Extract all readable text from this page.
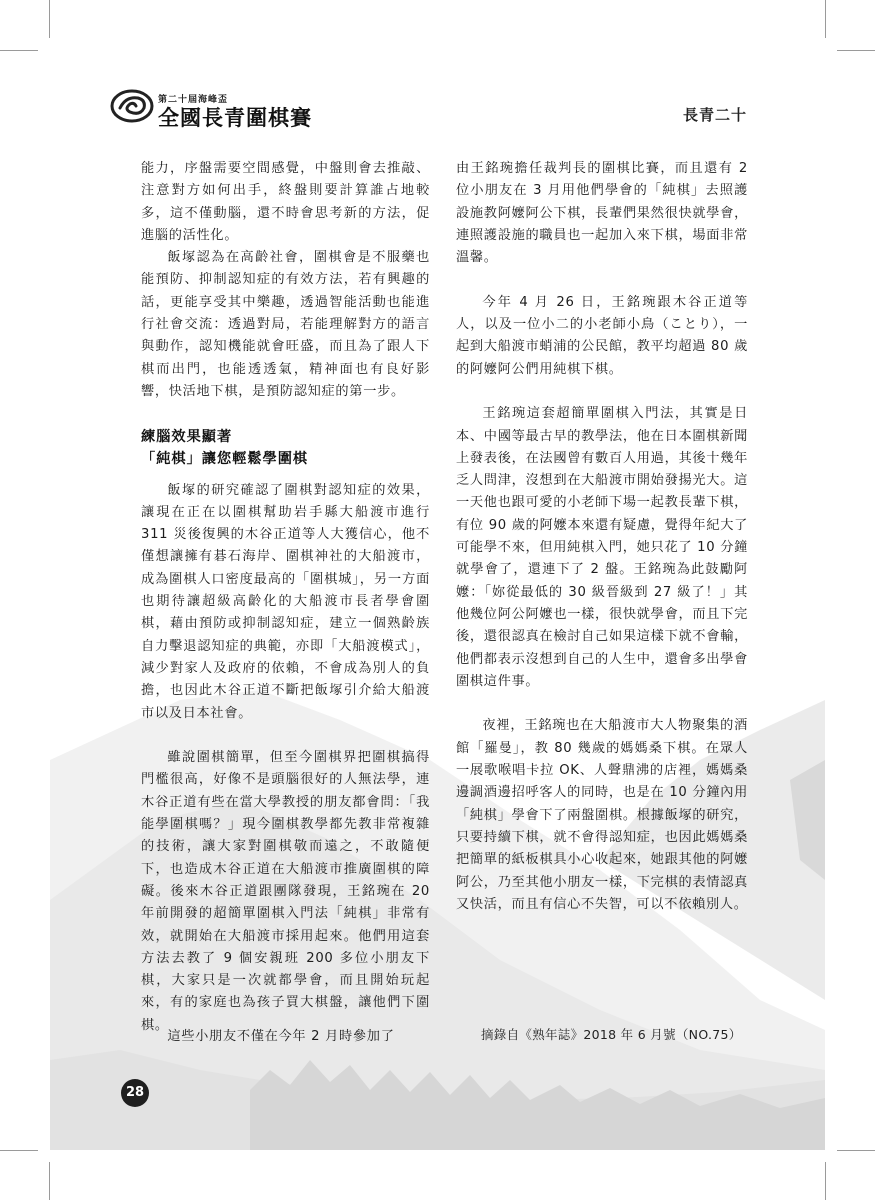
第二十屆海峰盃
全國長青圍棋賽	長青二十

能力，序盤需要空間感覺，中盤則會去推敲、注意對方如何出手，終盤則要計算誰占地較多，這不僅動腦，還不時會思考新的方法，促進腦的活性化。

飯塚認為在高齡社會，圍棋會是不服藥也能預防、抑制認知症的有效方法，若有興趣的話，更能享受其中樂趣，透過智能活動也能進行社會交流：透過對局，若能理解對方的語言與動作，認知機能就會旺盛，而且為了跟人下棋而出門，也能透透氣，精神面也有良好影響，快活地下棋，是預防認知症的第一步。

練腦效果顯著
「純棋」讓您輕鬆學圍棋

飯塚的研究確認了圍棋對認知症的效果，讓現在正在以圍棋幫助岩手縣大船渡市進行 311 災後復興的木谷正道等人大獲信心，他不僅想讓擁有碁石海岸、圍棋神社的大船渡市，成為圍棋人口密度最高的「圍棋城」，另一方面也期待讓超級高齡化的大船渡市長者學會圍棋，藉由預防或抑制認知症，建立一個熟齡族自力擊退認知症的典範，亦即「大船渡模式」，減少對家人及政府的依賴，不會成為別人的負擔，也因此木谷正道不斷把飯塚引介給大船渡市以及日本社會。

雖說圍棋簡單，但至今圍棋界把圍棋搞得門檻很高，好像不是頭腦很好的人無法學，連木谷正道有些在當大學教授的朋友都會問：「我能學圍棋嗎？」現今圍棋教學都先教非常複雜的技術，讓大家對圍棋敬而遠之，不敢隨便下，也造成木谷正道在大船渡市推廣圍棋的障礙。後來木谷正道跟團隊發現，王銘琬在 20 年前開發的超簡單圍棋入門法「純棋」非常有效，就開始在大船渡市採用起來。他們用這套方法去教了 9 個安親班 200 多位小朋友下棋，大家只是一次就都學會，而且開始玩起來，有的家庭也為孩子買大棋盤，讓他們下圍棋。

這些小朋友不僅在今年 2 月時參加了

由王銘琬擔任裁判長的圍棋比賽，而且還有 2 位小朋友在 3 月用他們學會的「純棋」去照護設施教阿嬤阿公下棋，長輩們果然很快就學會，連照護設施的職員也一起加入來下棋，場面非常溫馨。

今年 4 月 26 日，王銘琬跟木谷正道等人，以及一位小二的小老師小鳥（ことり），一起到大船渡市蛸浦的公民館，教平均超過 80 歲的阿嬤阿公們用純棋下棋。

王銘琬這套超簡單圍棋入門法，其實是日本、中國等最古早的教學法，他在日本圍棋新聞上發表後，在法國曾有數百人用過，其後十幾年乏人問津，沒想到在大船渡市開始發揚光大。這一天他也跟可愛的小老師下場一起教長輩下棋，有位 90 歲的阿嬤本來還有疑慮，覺得年紀大了可能學不來，但用純棋入門，她只花了 10 分鐘就學會了，還連下了 2 盤。王銘琬為此鼓勵阿嬤：「妳從最低的 30 級晉級到 27 級了！」其他幾位阿公阿嬤也一樣，很快就學會，而且下完後，還很認真在檢討自己如果這樣下就不會輸，他們都表示沒想到自己的人生中，還會多出學會圍棋這件事。

夜裡，王銘琬也在大船渡市大人物聚集的酒館「羅曼」，教 80 幾歲的媽媽桑下棋。在眾人一展歌喉唱卡拉 OK、人聲鼎沸的店裡，媽媽桑邊調酒邊招呼客人的同時，也是在 10 分鐘內用「純棋」學會下了兩盤圍棋。根據飯塚的研究，只要持續下棋，就不會得認知症，也因此媽媽桑把簡單的紙板棋具小心收起來，她跟其他的阿嬤阿公，乃至其他小朋友一樣，下完棋的表情認真又快活，而且有信心不失智，可以不依賴別人。

摘錄自《熟年誌》2018 年 6 月號（NO.75）
28
